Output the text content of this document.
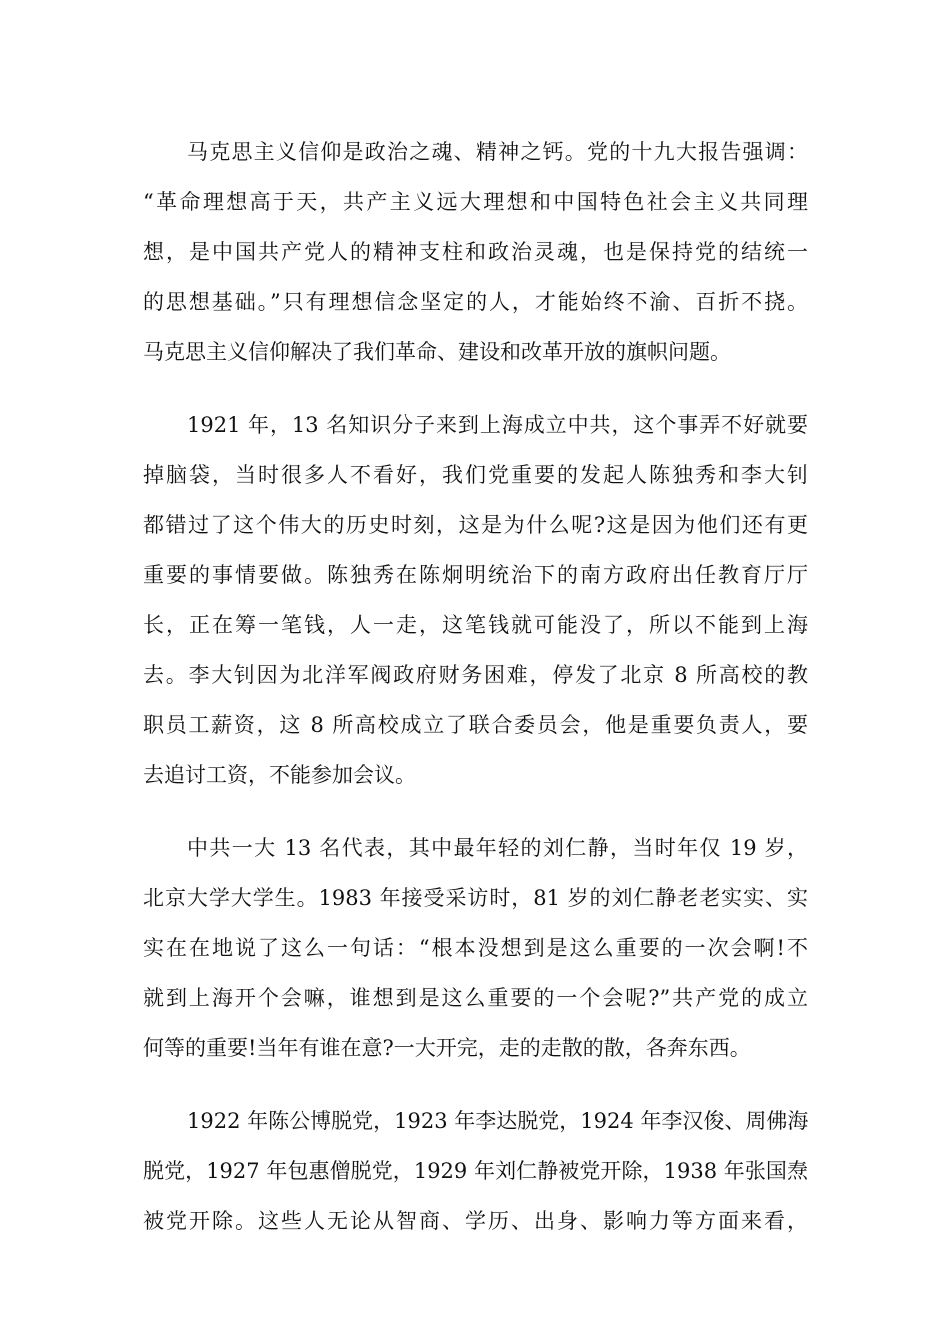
马克思主义信仰是政治之魂、精神之钙。党的十九大报告强调：
“革命理想高于天，共产主义远大理想和中国特色社会主义共同理
想，是中国共产党人的精神支柱和政治灵魂，也是保持党的结统一
的思想基础。”只有理想信念坚定的人，才能始终不渝、百折不挠。
马克思主义信仰解决了我们革命、建设和改革开放的旗帜问题。
1921 年，13 名知识分子来到上海成立中共，这个事弄不好就要
掉脑袋，当时很多人不看好，我们党重要的发起人陈独秀和李大钊
都错过了这个伟大的历史时刻，这是为什么呢?这是因为他们还有更
重要的事情要做。陈独秀在陈炯明统治下的南方政府出任教育厅厅
长，正在筹一笔钱，人一走，这笔钱就可能没了，所以不能到上海
去。李大钊因为北洋军阀政府财务困难，停发了北京 8 所高校的教
职员工薪资，这 8 所高校成立了联合委员会，他是重要负责人，要
去追讨工资，不能参加会议。
中共一大 13 名代表，其中最年轻的刘仁静，当时年仅 19 岁，
北京大学大学生。1983 年接受采访时，81 岁的刘仁静老老实实、实
实在在地说了这么一句话：“根本没想到是这么重要的一次会啊!不
就到上海开个会嘛，谁想到是这么重要的一个会呢?”共产党的成立
何等的重要!当年有谁在意?一大开完，走的走散的散，各奔东西。
1922 年陈公博脱党，1923 年李达脱党，1924 年李汉俊、周佛海
脱党，1927 年包惠僧脱党，1929 年刘仁静被党开除，1938 年张国焘
被党开除。这些人无论从智商、学历、出身、影响力等方面来看，
